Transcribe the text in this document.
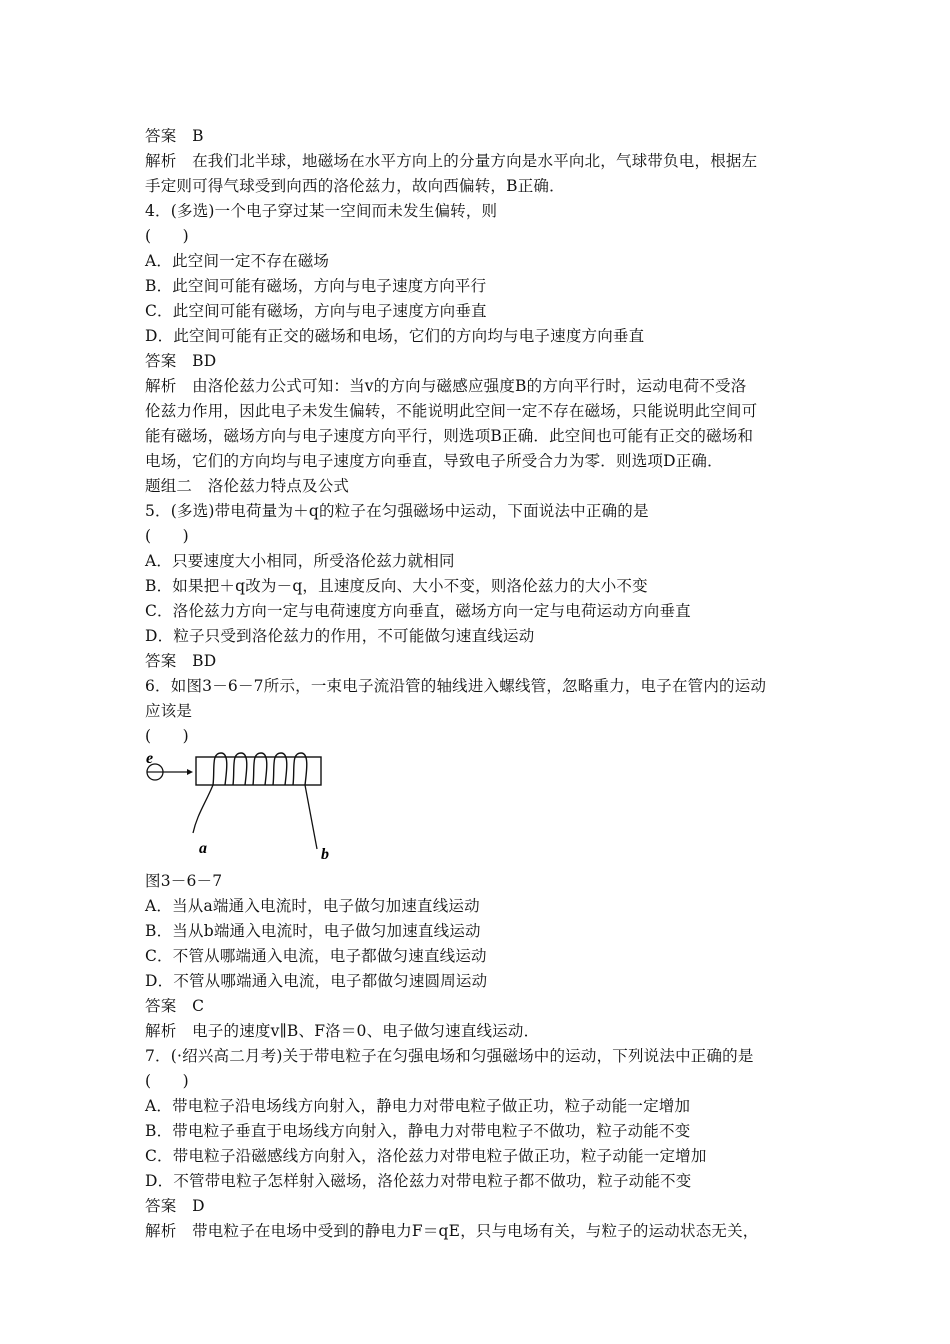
答案　B
解析　在我们北半球，地磁场在水平方向上的分量方向是水平向北，气球带负电，根据左
手定则可得气球受到向西的洛伦兹力，故向西偏转，B正确．
4．(多选)一个电子穿过某一空间而未发生偏转，则
(　　)
A．此空间一定不存在磁场
B．此空间可能有磁场，方向与电子速度方向平行
C．此空间可能有磁场，方向与电子速度方向垂直
D．此空间可能有正交的磁场和电场，它们的方向均与电子速度方向垂直
答案　BD
解析　由洛伦兹力公式可知：当v的方向与磁感应强度B的方向平行时，运动电荷不受洛
伦兹力作用，因此电子未发生偏转，不能说明此空间一定不存在磁场，只能说明此空间可
能有磁场，磁场方向与电子速度方向平行，则选项B正确．此空间也可能有正交的磁场和
电场，它们的方向均与电子速度方向垂直，导致电子所受合力为零．则选项D正确．
题组二　洛伦兹力特点及公式
5．(多选)带电荷量为＋q的粒子在匀强磁场中运动，下面说法中正确的是
(　　)
A．只要速度大小相同，所受洛伦兹力就相同
B．如果把＋q改为－q，且速度反向、大小不变，则洛伦兹力的大小不变
C．洛伦兹力方向一定与电荷速度方向垂直，磁场方向一定与电荷运动方向垂直
D．粒子只受到洛伦兹力的作用，不可能做匀速直线运动
答案　BD
6．如图3－6－7所示，一束电子流沿管的轴线进入螺线管，忽略重力，电子在管内的运动
应该是
(　　)
e
a	b
图3－6－7
A．当从a端通入电流时，电子做匀加速直线运动
B．当从b端通入电流时，电子做匀加速直线运动
C．不管从哪端通入电流，电子都做匀速直线运动
D．不管从哪端通入电流，电子都做匀速圆周运动
答案　C
解析　电子的速度v∥B、F洛＝0、电子做匀速直线运动．
7．(·绍兴高二月考)关于带电粒子在匀强电场和匀强磁场中的运动，下列说法中正确的是
(　　)
A．带电粒子沿电场线方向射入，静电力对带电粒子做正功，粒子动能一定增加
B．带电粒子垂直于电场线方向射入，静电力对带电粒子不做功，粒子动能不变
C．带电粒子沿磁感线方向射入，洛伦兹力对带电粒子做正功，粒子动能一定增加
D．不管带电粒子怎样射入磁场，洛伦兹力对带电粒子都不做功，粒子动能不变
答案　D
解析　带电粒子在电场中受到的静电力F＝qE，只与电场有关，与粒子的运动状态无关，
